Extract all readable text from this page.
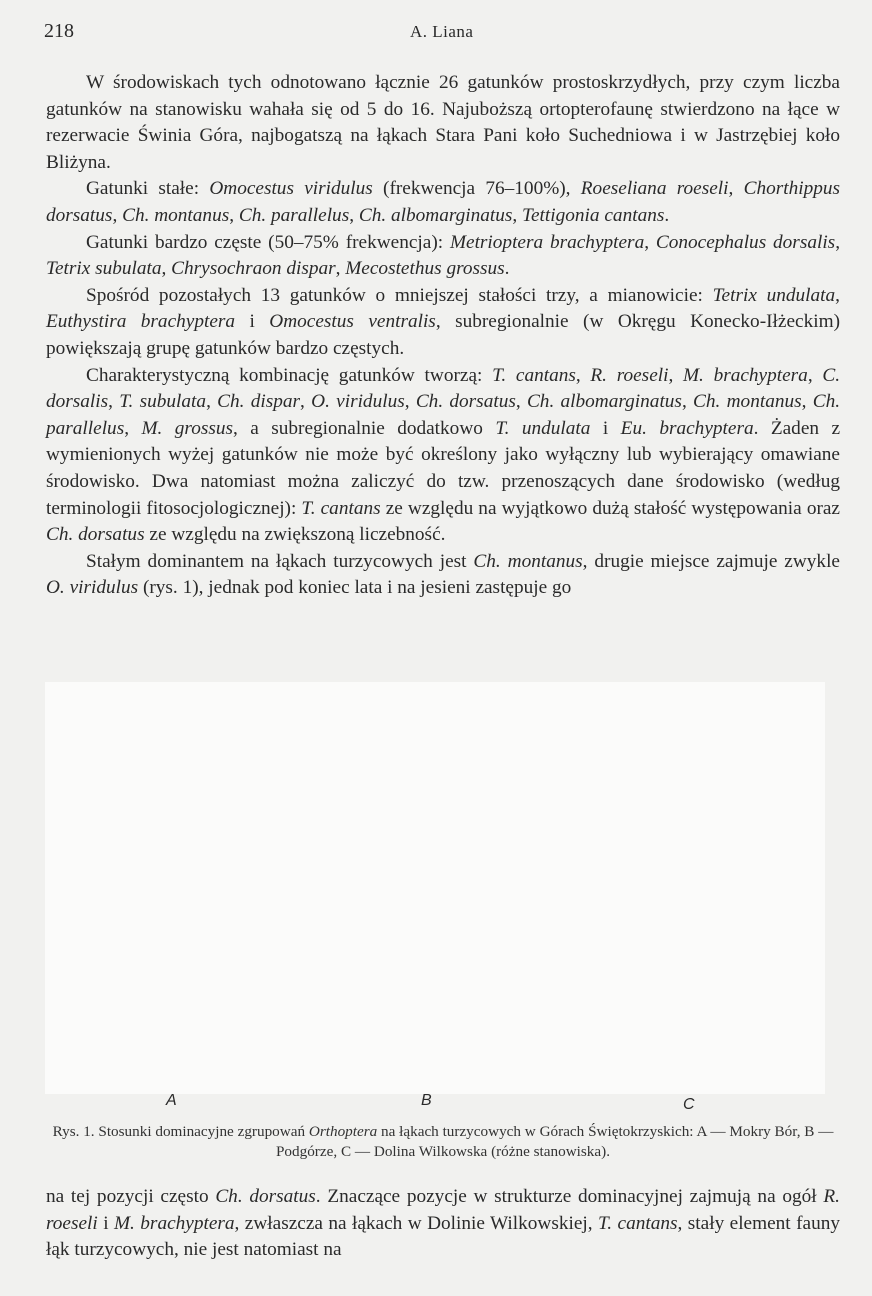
218	A. Liana

W środowiskach tych odnotowano łącznie 26 gatunków prostoskrzydłych, przy czym liczba gatunków na stanowisku wahała się od 5 do 16. Najuboższą ortopterofaunę stwierdzono na łące w rezerwacie Świnia Góra, najbogatszą na łąkach Stara Pani koło Suchedniowa i w Jastrzębiej koło Bliżyna.

Gatunki stałe: Omocestus viridulus (frekwencja 76–100%), Roeseliana roeseli, Chorthippus dorsatus, Ch. montanus, Ch. parallelus, Ch. albomarginatus, Tettigonia cantans.

Gatunki bardzo częste (50–75% frekwencja): Metrioptera brachyptera, Conocephalus dorsalis, Tetrix subulata, Chrysochraon dispar, Mecostethus grossus.

Spośród pozostałych 13 gatunków o mniejszej stałości trzy, a mianowicie: Tetrix undulata, Euthystira brachyptera i Omocestus ventralis, subregionalnie (w Okręgu Konecko-Iłżeckim) powiększają grupę gatunków bardzo częstych.

Charakterystyczną kombinację gatunków tworzą: T. cantans, R. roeseli, M. brachyptera, C. dorsalis, T. subulata, Ch. dispar, O. viridulus, Ch. dorsatus, Ch. albomarginatus, Ch. montanus, Ch. parallelus, M. grossus, a subregionalnie dodatkowo T. undulata i Eu. brachyptera. Żaden z wymienionych wyżej gatunków nie może być określony jako wyłączny lub wybierający omawiane środowisko. Dwa natomiast można zaliczyć do tzw. przenoszących dane środowisko (według terminologii fitosocjologicznej): T. cantans ze względu na wyjątkowo dużą stałość występowania oraz Ch. dorsatus ze względu na zwiększoną liczebność.

Stałym dominantem na łąkach turzycowych jest Ch. montanus, drugie miejsce zajmuje zwykle O. viridulus (rys. 1), jednak pod koniec lata i na jesieni zastępuje go

A	B	C
Rys. 1. Stosunki dominacyjne zgrupowań Orthoptera na łąkach turzycowych w Górach Świętokrzyskich: A — Mokry Bór, B — Podgórze, C — Dolina Wilkowska (różne stanowiska).

na tej pozycji często Ch. dorsatus. Znaczące pozycje w strukturze dominacyjnej zajmują na ogół R. roeseli i M. brachyptera, zwłaszcza na łąkach w Dolinie Wilkowskiej, T. cantans, stały element fauny łąk turzycowych, nie jest natomiast na
